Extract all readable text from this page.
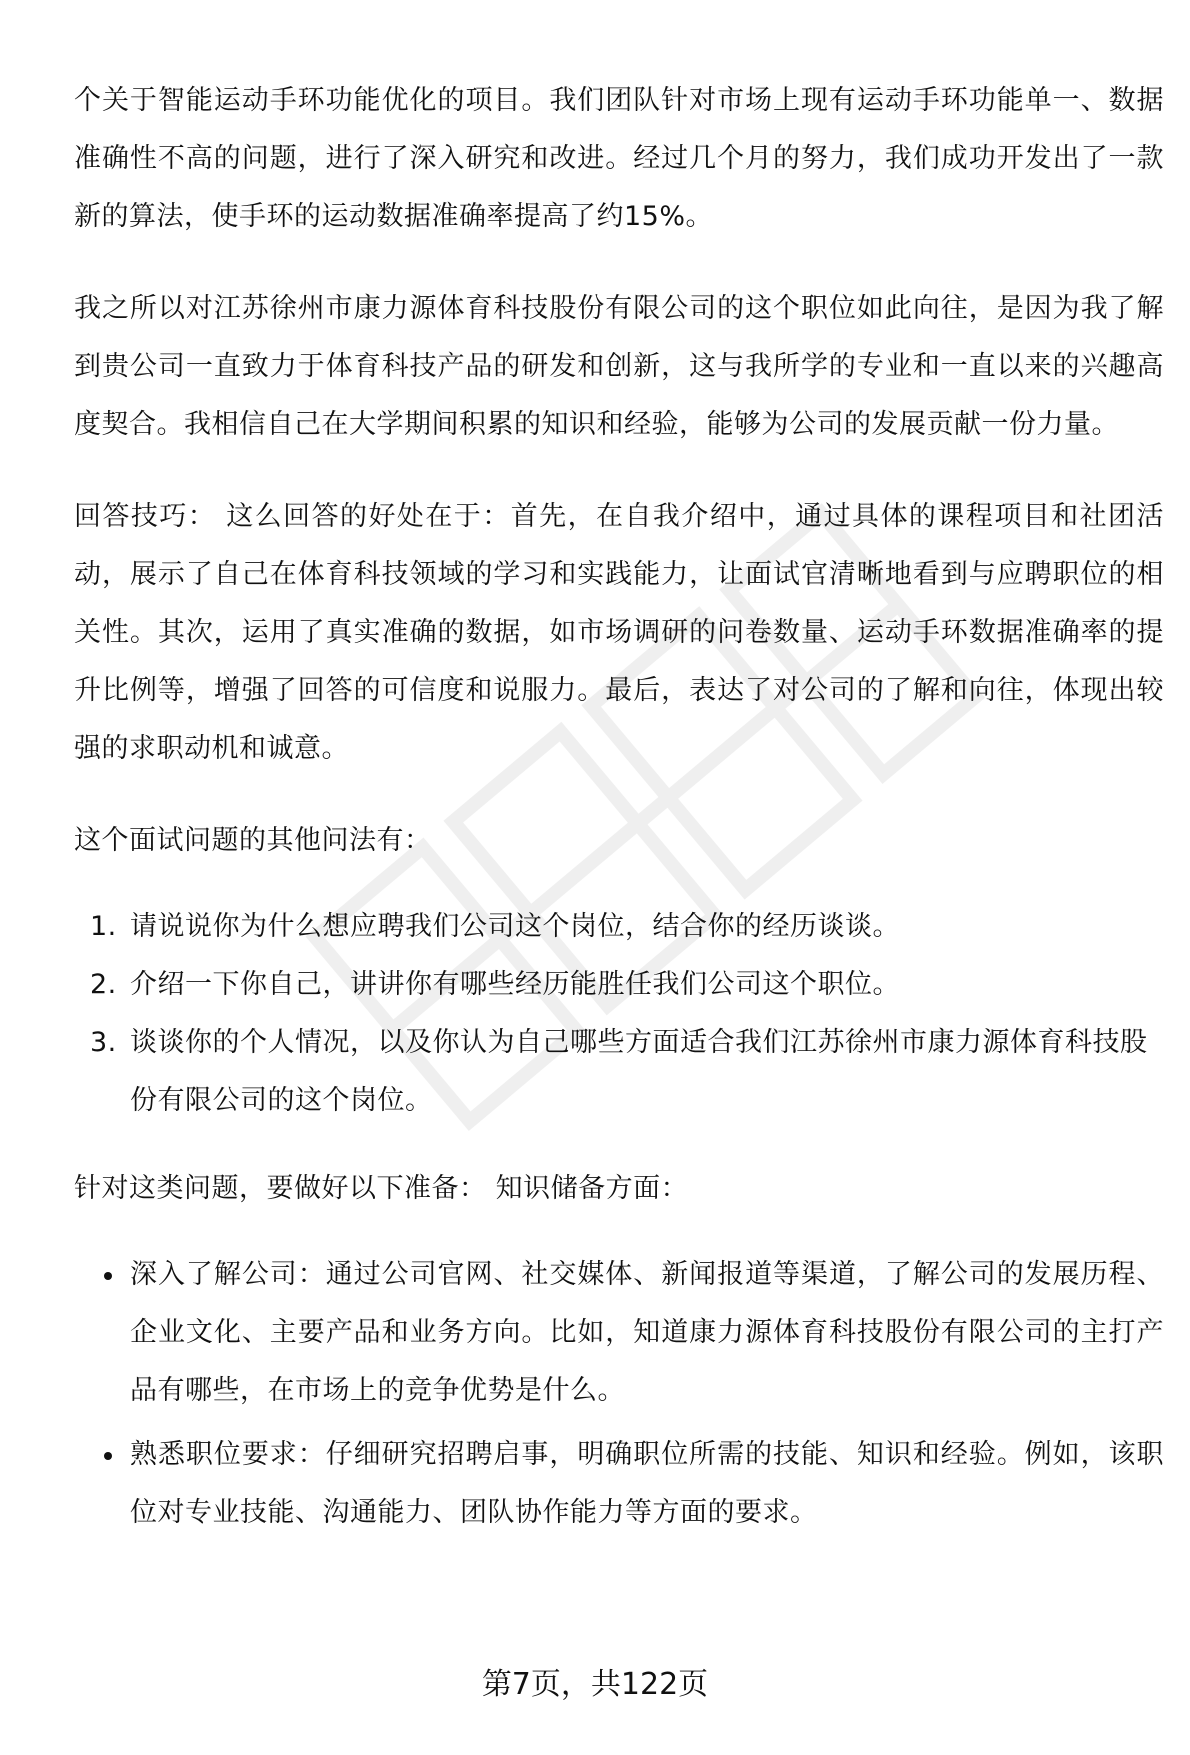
个关于智能运动手环功能优化的项目。我们团队针对市场上现有运动手环功能单一、数据准确性不高的问题，进行了深入研究和改进。经过几个月的努力，我们成功开发出了一款新的算法，使手环的运动数据准确率提高了约15%。

我之所以对江苏徐州市康力源体育科技股份有限公司的这个职位如此向往，是因为我了解到贵公司一直致力于体育科技产品的研发和创新，这与我所学的专业和一直以来的兴趣高度契合。我相信自己在大学期间积累的知识和经验，能够为公司的发展贡献一份力量。

回答技巧： 这么回答的好处在于：首先，在自我介绍中，通过具体的课程项目和社团活动，展示了自己在体育科技领域的学习和实践能力，让面试官清晰地看到与应聘职位的相关性。其次，运用了真实准确的数据，如市场调研的问卷数量、运动手环数据准确率的提升比例等，增强了回答的可信度和说服力。最后，表达了对公司的了解和向往，体现出较强的求职动机和诚意。

这个面试问题的其他问法有：

1. 请说说你为什么想应聘我们公司这个岗位，结合你的经历谈谈。
2. 介绍一下你自己，讲讲你有哪些经历能胜任我们公司这个职位。
3. 谈谈你的个人情况，以及你认为自己哪些方面适合我们江苏徐州市康力源体育科技股份有限公司的这个岗位。

针对这类问题，要做好以下准备： 知识储备方面：

深入了解公司：通过公司官网、社交媒体、新闻报道等渠道，了解公司的发展历程、企业文化、主要产品和业务方向。比如，知道康力源体育科技股份有限公司的主打产品有哪些，在市场上的竞争优势是什么。
熟悉职位要求：仔细研究招聘启事，明确职位所需的技能、知识和经验。例如，该职位对专业技能、沟通能力、团队协作能力等方面的要求。
第7页，共122页
